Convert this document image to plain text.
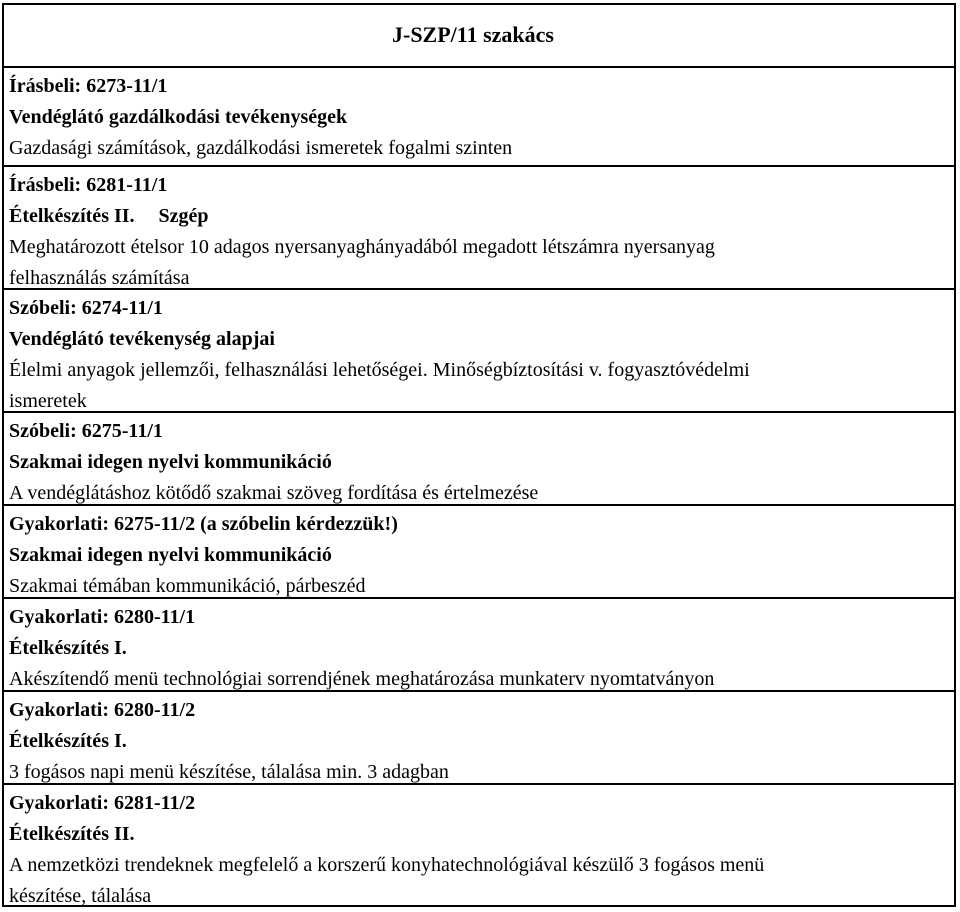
J-SZP/11 szakács
Írásbeli: 6273-11/1
Vendéglátó gazdálkodási tevékenységek
Gazdasági számítások, gazdálkodási ismeretek fogalmi szinten
Írásbeli: 6281-11/1
Ételkészítés II. Szgép
Meghatározott ételsor 10 adagos nyersanyaghányadából megadott létszámra nyersanyag
felhasználás számítása
Szóbeli: 6274-11/1
Vendéglátó tevékenység alapjai
Élelmi anyagok jellemzői, felhasználási lehetőségei. Minőségbíztosítási v. fogyasztóvédelmi
ismeretek
Szóbeli: 6275-11/1
Szakmai idegen nyelvi kommunikáció
A vendéglátáshoz kötődő szakmai szöveg fordítása és értelmezése
Gyakorlati: 6275-11/2 (a szóbelin kérdezzük!)
Szakmai idegen nyelvi kommunikáció
Szakmai témában kommunikáció, párbeszéd
Gyakorlati: 6280-11/1
Ételkészítés I.
Akészítendő menü technológiai sorrendjének meghatározása munkaterv nyomtatványon
Gyakorlati: 6280-11/2
Ételkészítés I.
3 fogásos napi menü készítése, tálalása min. 3 adagban
Gyakorlati: 6281-11/2
Ételkészítés II.
A nemzetközi trendeknek megfelelő a korszerű konyhatechnológiával készülő 3 fogásos menü
készítése, tálalása
